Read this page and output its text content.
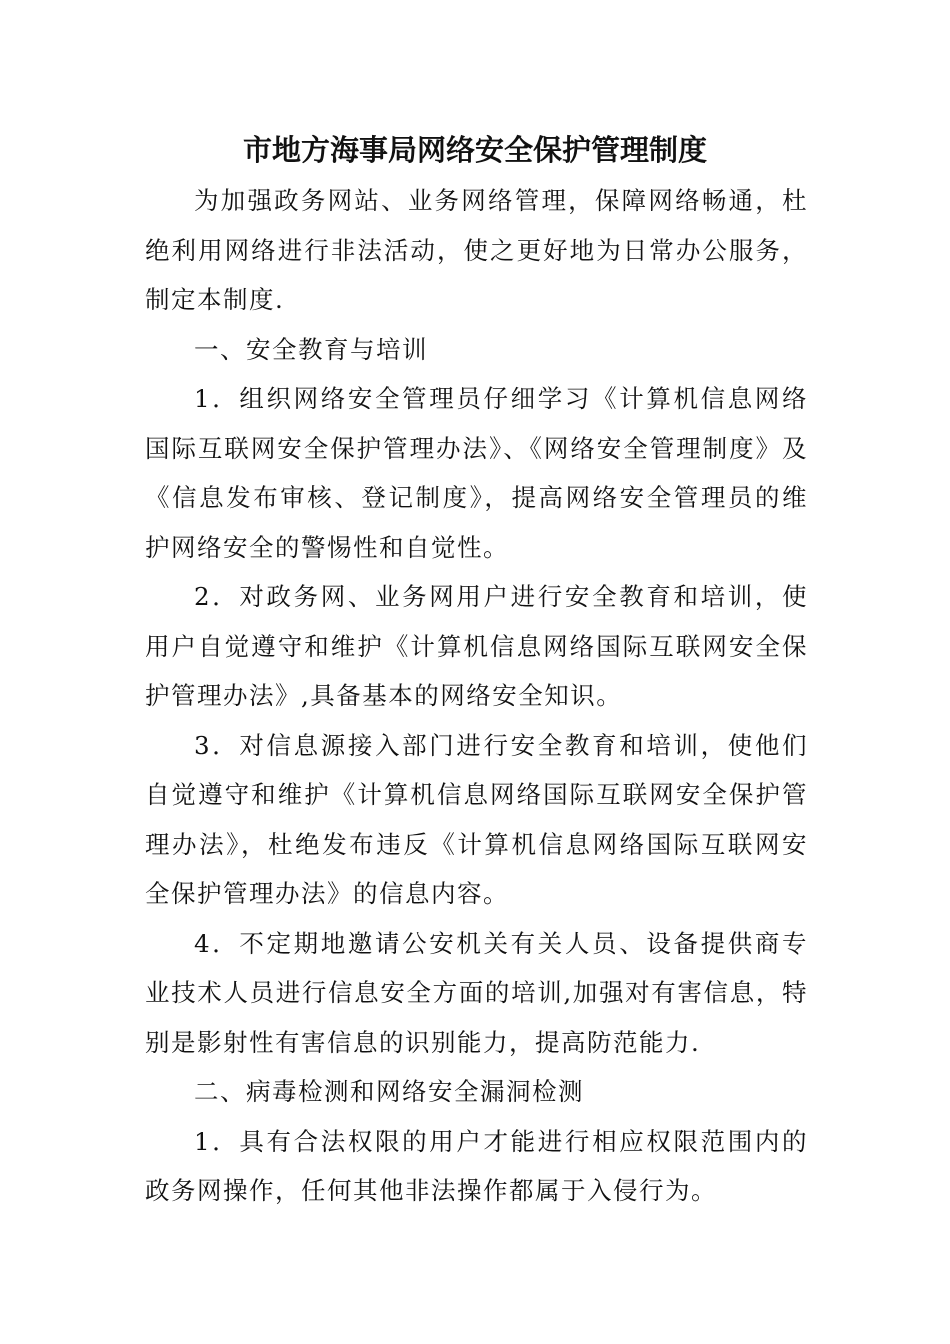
市地方海事局网络安全保护管理制度

为加强政务网站、业务网络管理，保障网络畅通，杜绝利用网络进行非法活动，使之更好地为日常办公服务，制定本制度.

一、安全教育与培训

1．组织网络安全管理员仔细学习《计算机信息网络国际互联网安全保护管理办法》、《网络安全管理制度》及《信息发布审核、登记制度》，提高网络安全管理员的维护网络安全的警惕性和自觉性。

2．对政务网、业务网用户进行安全教育和培训，使用户自觉遵守和维护《计算机信息网络国际互联网安全保护管理办法》,具备基本的网络安全知识。

3．对信息源接入部门进行安全教育和培训，使他们自觉遵守和维护《计算机信息网络国际互联网安全保护管理办法》，杜绝发布违反《计算机信息网络国际互联网安全保护管理办法》的信息内容。

4．不定期地邀请公安机关有关人员、设备提供商专业技术人员进行信息安全方面的培训,加强对有害信息，特别是影射性有害信息的识别能力，提高防范能力.

二、病毒检测和网络安全漏洞检测

1．具有合法权限的用户才能进行相应权限范围内的政务网操作，任何其他非法操作都属于入侵行为。
